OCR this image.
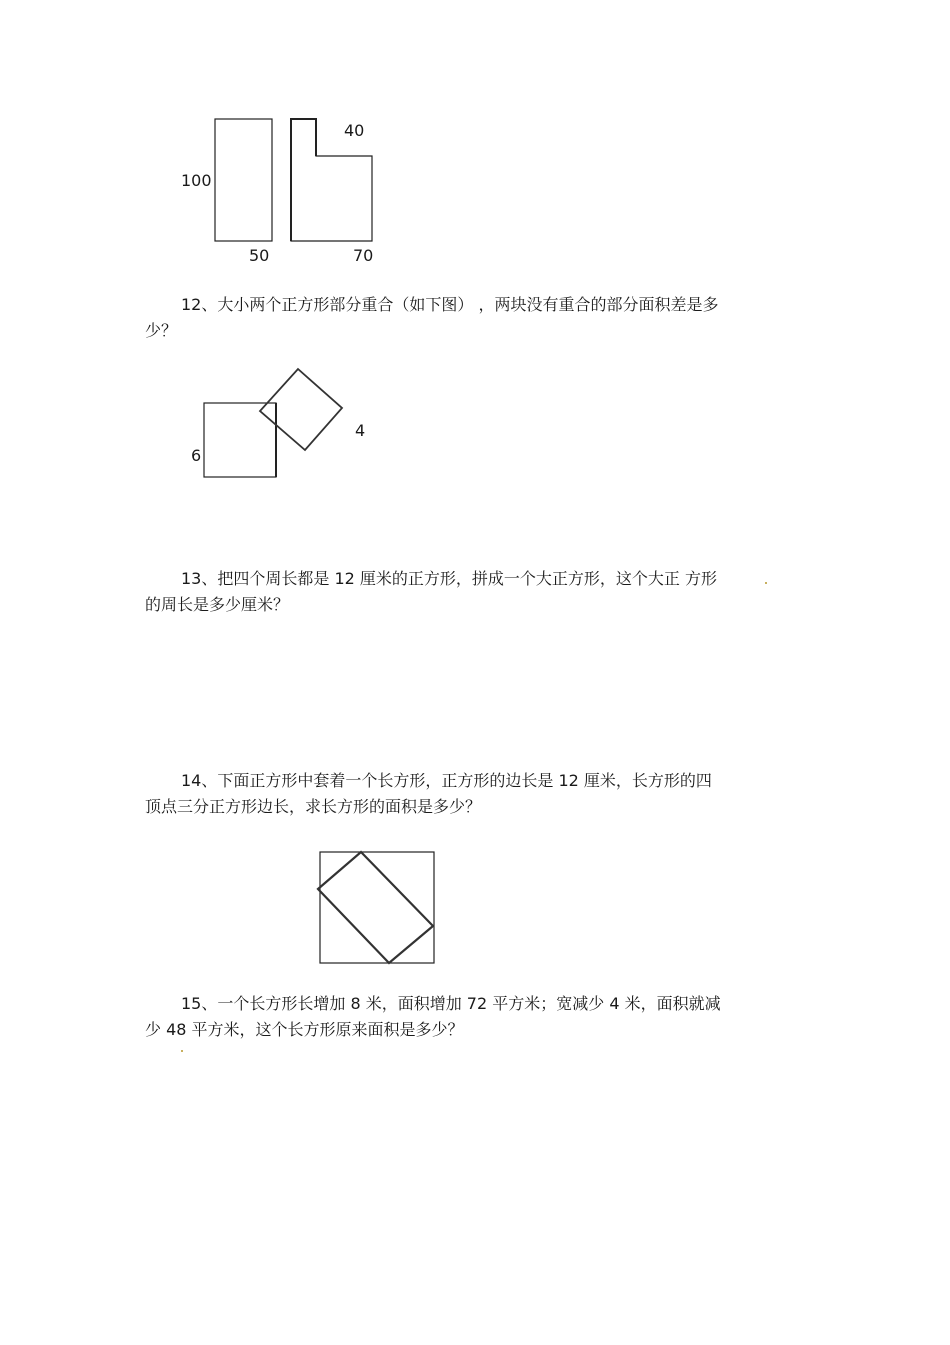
100
50
40
70
12、大小两个正方形部分重合（如下图） ，两块没有重合的部分面积差是多
少？
6
4
13、把四个周长都是 12 厘米的正方形，拼成一个大正方形，这个大正 方形
的周长是多少厘米？
14、下面正方形中套着一个长方形，正方形的边长是 12 厘米，长方形的四
顶点三分正方形边长，求长方形的面积是多少？
15、一个长方形长增加 8 米，面积增加 72 平方米；宽减少 4 米，面积就减
少 48 平方米，这个长方形原来面积是多少？
